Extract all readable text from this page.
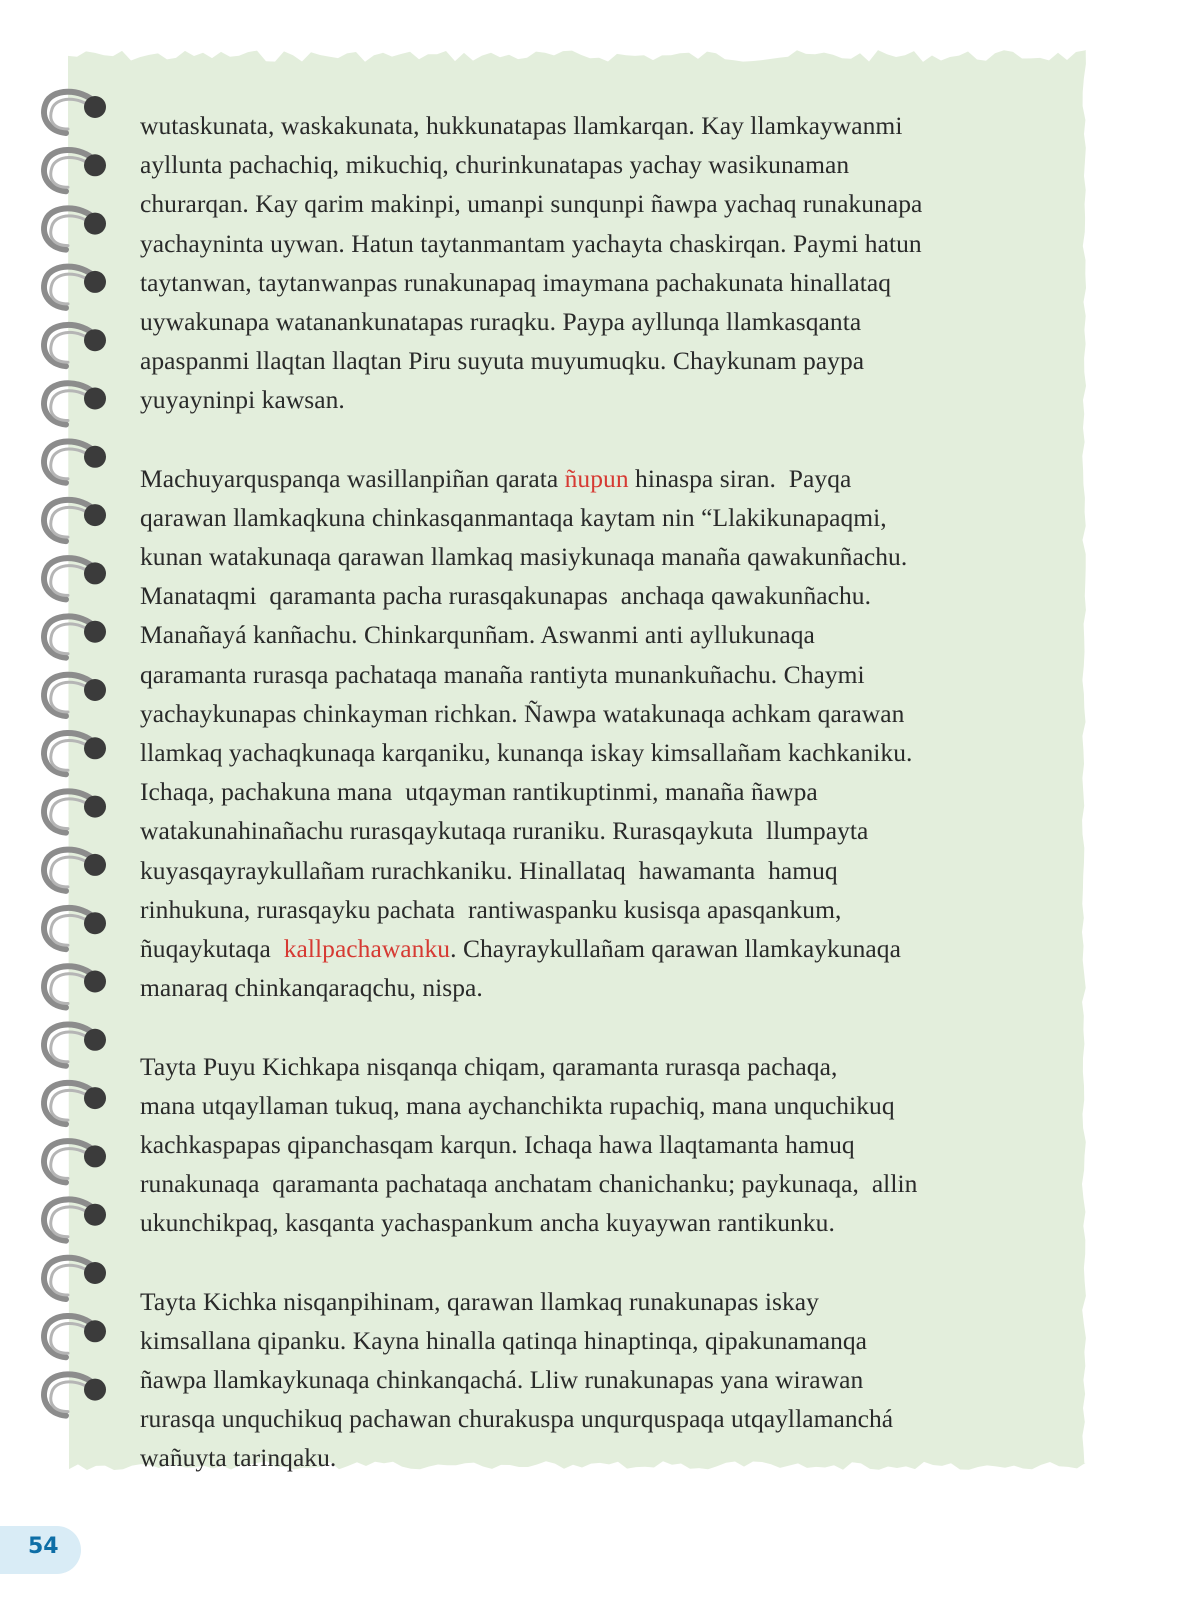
wutaskunata, waskakunata, hukkunatapas llamkarqan. Kay llamkaywanmi
ayllunta pachachiq, mikuchiq, churinkunatapas yachay wasikunaman
churarqan. Kay qarim makinpi, umanpi sunqunpi ñawpa yachaq runakunapa
yachayninta uywan. Hatun taytanmantam yachayta chaskirqan. Paymi hatun
taytanwan, taytanwanpas runakunapaq imaymana pachakunata hinallataq
uywakunapa watanankunatapas ruraqku. Paypa ayllunqa llamkasqanta
apaspanmi llaqtan llaqtan Piru suyuta muyumuqku. Chaykunam paypa
yuyayninpi kawsan.
Machuyarquspanqa wasillanpiñan qarata ñupun hinaspa siran.  Payqa
qarawan llamkaqkuna chinkasqanmantaqa kaytam nin “Llakikunapaqmi,
kunan watakunaqa qarawan llamkaq masiykunaqa manaña qawakunñachu.
Manataqmi  qaramanta pacha rurasqakunapas  anchaqa qawakunñachu.
Manañayá kanñachu. Chinkarqunñam. Aswanmi anti ayllukunaqa
qaramanta rurasqa pachataqa manaña rantiyta munankuñachu. Chaymi
yachaykunapas chinkayman richkan. Ñawpa watakunaqa achkam qarawan
llamkaq yachaqkunaqa karqaniku, kunanqa iskay kimsallañam kachkaniku.
Ichaqa, pachakuna mana  utqayman rantikuptinmi, manaña ñawpa
watakunahinañachu rurasqaykutaqa ruraniku. Rurasqaykuta  llumpayta
kuyasqayraykullañam rurachkaniku. Hinallataq  hawamanta  hamuq
rinhukuna, rurasqayku pachata  rantiwaspanku kusisqa apasqankum,
ñuqaykutaqa  kallpachawanku. Chayraykullañam qarawan llamkaykunaqa
manaraq chinkanqaraqchu, nispa.
Tayta Puyu Kichkapa nisqanqa chiqam, qaramanta rurasqa pachaqa,
mana utqayllaman tukuq, mana aychanchikta rupachiq, mana unquchikuq
kachkaspapas qipanchasqam karqun. Ichaqa hawa llaqtamanta hamuq
runakunaqa  qaramanta pachataqa anchatam chanichanku; paykunaqa,  allin
ukunchikpaq, kasqanta yachaspankum ancha kuyaywan rantikunku.
Tayta Kichka nisqanpihinam, qarawan llamkaq runakunapas iskay
kimsallana qipanku. Kayna hinalla qatinqa hinaptinqa, qipakunamanqa
ñawpa llamkaykunaqa chinkanqachá. Lliw runakunapas yana wirawan
rurasqa unquchikuq pachawan churakuspa unqurquspaqa utqayllamanchá
wañuyta tarinqaku.
54
